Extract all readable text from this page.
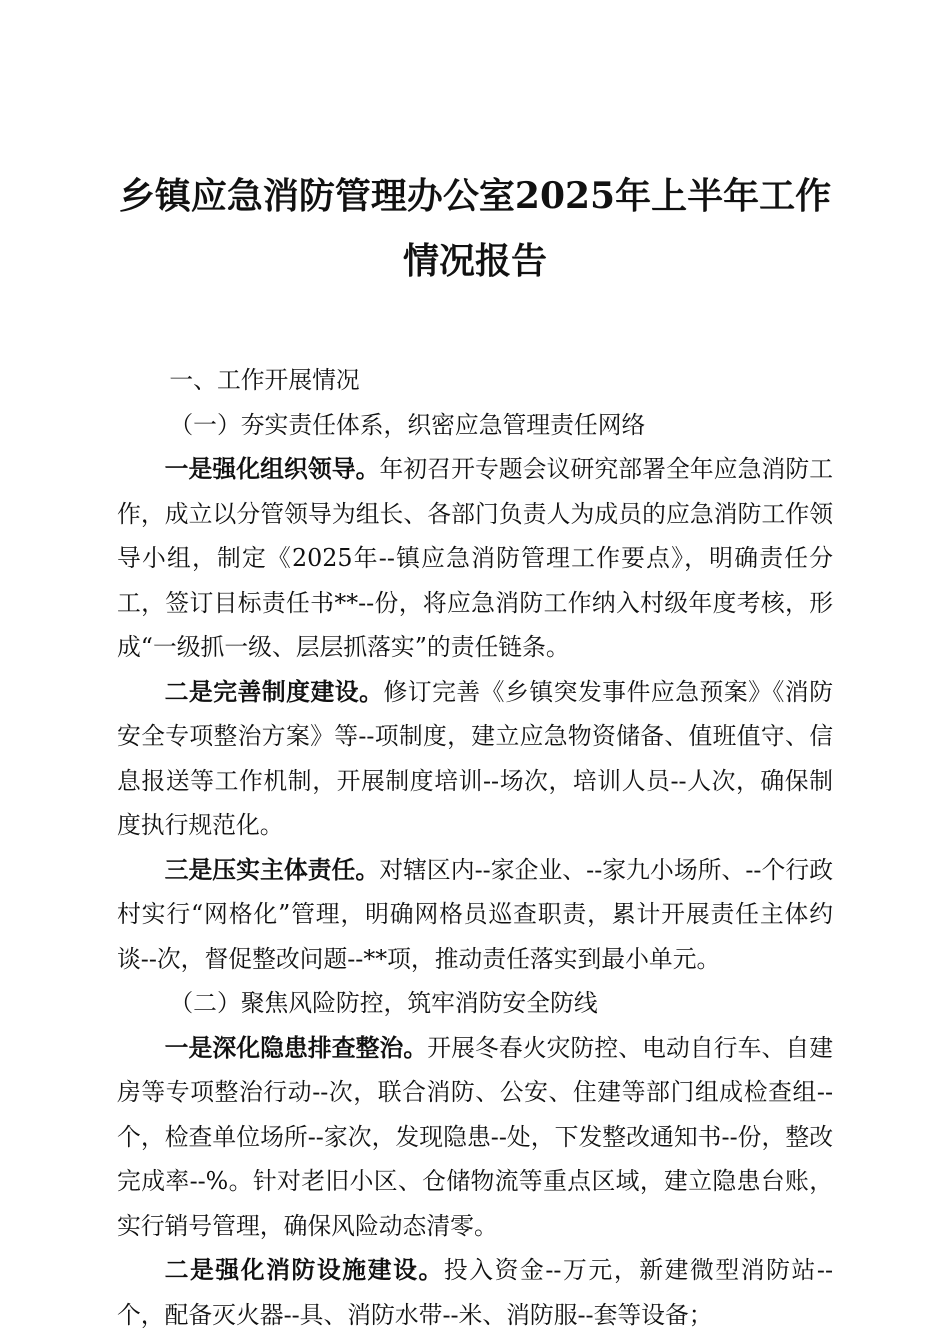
乡镇应急消防管理办公室2025年上半年工作
情况报告

一、工作开展情况

（一）夯实责任体系，织密应急管理责任网络

一是强化组织领导。年初召开专题会议研究部署全年应急消防工作，成立以分管领导为组长、各部门负责人为成员的应急消防工作领导小组，制定《2025年--镇应急消防管理工作要点》，明确责任分工，签订目标责任书**--份，将应急消防工作纳入村级年度考核，形成“一级抓一级、层层抓落实”的责任链条。

二是完善制度建设。修订完善《乡镇突发事件应急预案》《消防安全专项整治方案》等--项制度，建立应急物资储备、值班值守、信息报送等工作机制，开展制度培训--场次，培训人员--人次，确保制度执行规范化。

三是压实主体责任。对辖区内--家企业、--家九小场所、--个行政村实行“网格化”管理，明确网格员巡查职责，累计开展责任主体约谈--次，督促整改问题--**项，推动责任落实到最小单元。

（二）聚焦风险防控，筑牢消防安全防线

一是深化隐患排查整治。开展冬春火灾防控、电动自行车、自建房等专项整治行动--次，联合消防、公安、住建等部门组成检查组--个，检查单位场所--家次，发现隐患--处，下发整改通知书--份，整改完成率--%。针对老旧小区、仓储物流等重点区域，建立隐患台账，实行销号管理，确保风险动态清零。

二是强化消防设施建设。投入资金--万元，新建微型消防站--个，配备灭火器--具、消防水带--米、消防服--套等设备；
